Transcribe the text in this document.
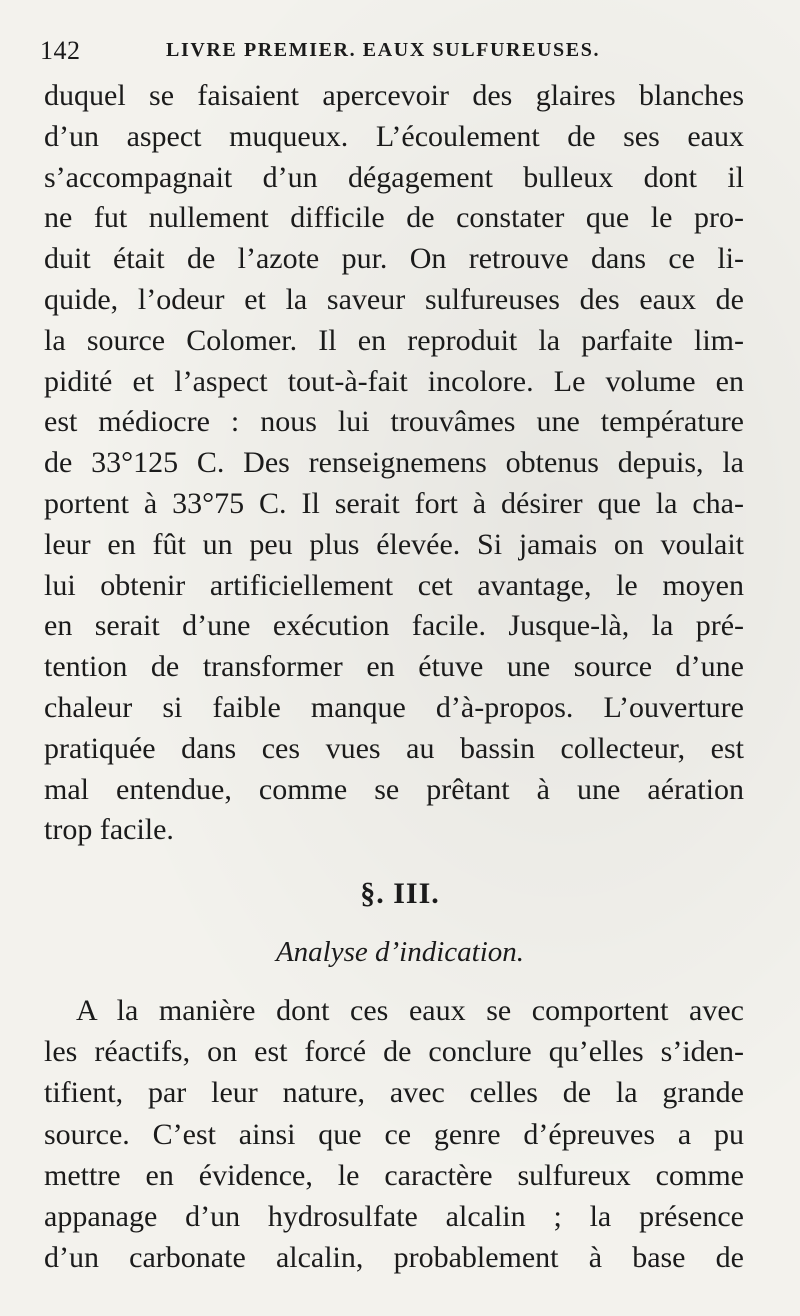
142	LIVRE PREMIER. EAUX SULFUREUSES.
duquel se faisaient apercevoir des glaires blanches
d’un aspect muqueux. L’écoulement de ses eaux
s’accompagnait d’un dégagement bulleux dont il
ne fut nullement difficile de constater que le pro-
duit était de l’azote pur. On retrouve dans ce li-
quide, l’odeur et la saveur sulfureuses des eaux de
la source Colomer. Il en reproduit la parfaite lim-
pidité et l’aspect tout-à-fait incolore. Le volume en
est médiocre : nous lui trouvâmes une température
de 33°125 C. Des renseignemens obtenus depuis, la
portent à 33°75 C. Il serait fort à désirer que la cha-
leur en fût un peu plus élevée. Si jamais on voulait
lui obtenir artificiellement cet avantage, le moyen
en serait d’une exécution facile. Jusque-là, la pré-
tention de transformer en étuve une source d’une
chaleur si faible manque d’à-propos. L’ouverture
pratiquée dans ces vues au bassin collecteur, est
mal entendue, comme se prêtant à une aération
trop facile.
§. III.
Analyse d’indication.
A la manière dont ces eaux se comportent avec
les réactifs, on est forcé de conclure qu’elles s’iden-
tifient, par leur nature, avec celles de la grande
source. C’est ainsi que ce genre d’épreuves a pu
mettre en évidence, le caractère sulfureux comme
appanage d’un hydrosulfate alcalin ; la présence
d’un carbonate alcalin, probablement à base de
